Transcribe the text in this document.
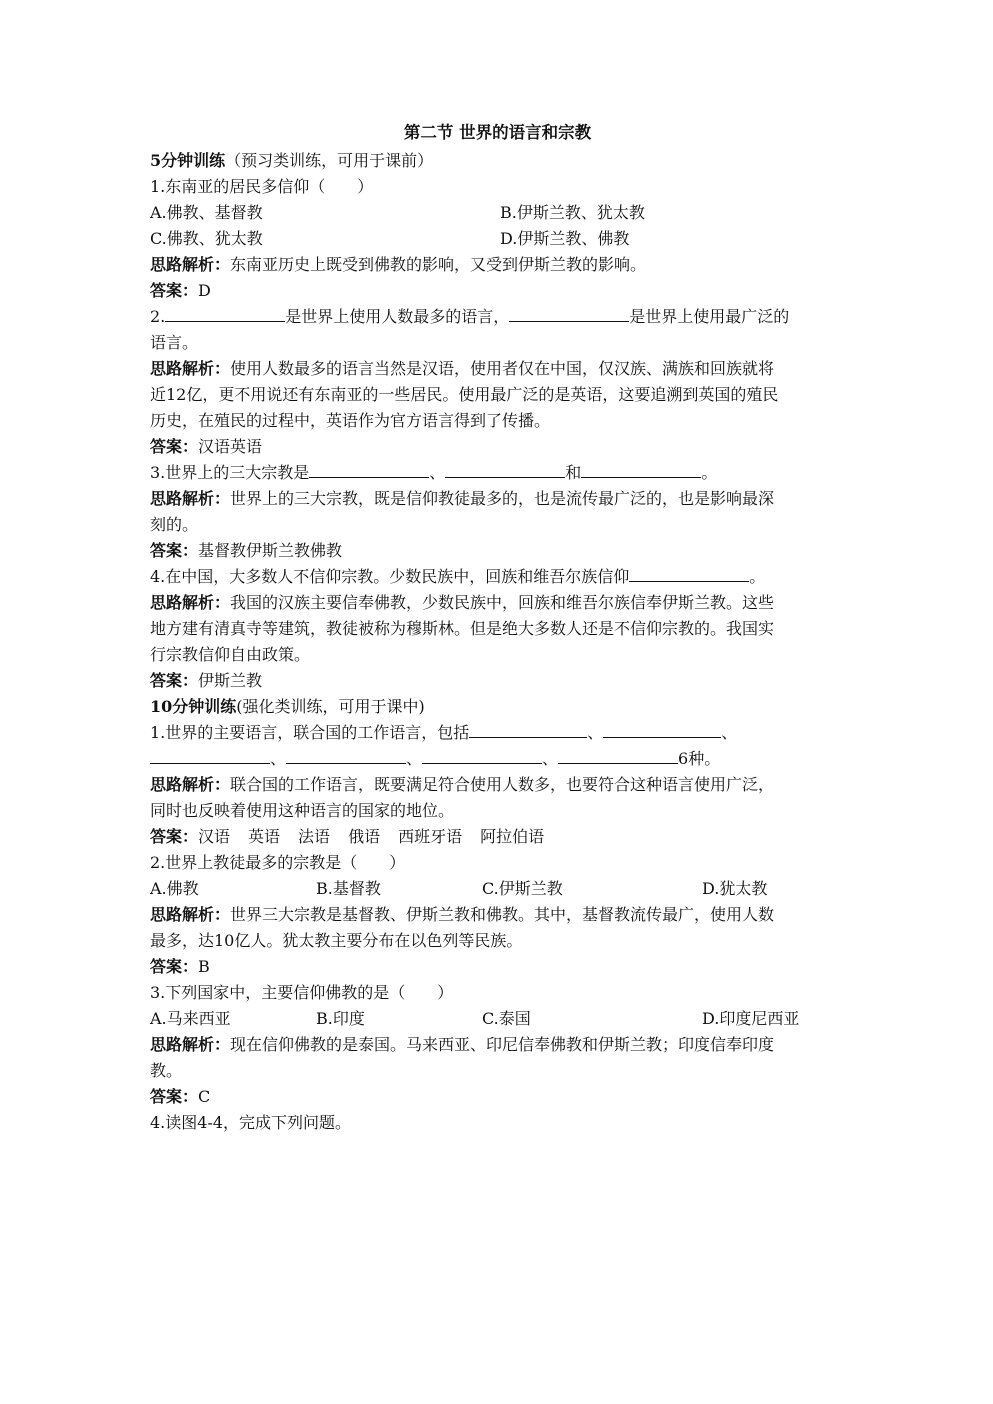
第二节 世界的语言和宗教
5分钟训练（预习类训练，可用于课前）
1.东南亚的居民多信仰（　　）
A.佛教、基督教	B.伊斯兰教、犹太教
C.佛教、犹太教	D.伊斯兰教、佛教
思路解析：东南亚历史上既受到佛教的影响，又受到伊斯兰教的影响。
答案：D
2.	是世界上使用人数最多的语言，	是世界上使用最广泛的
语言。
思路解析：使用人数最多的语言当然是汉语，使用者仅在中国，仅汉族、满族和回族就将
近12亿，更不用说还有东南亚的一些居民。使用最广泛的是英语，这要追溯到英国的殖民
历史，在殖民的过程中，英语作为官方语言得到了传播。
答案：汉语英语
3.世界上的三大宗教是	、	和	。
思路解析：世界上的三大宗教，既是信仰教徒最多的，也是流传最广泛的，也是影响最深
刻的。
答案：基督教伊斯兰教佛教
4.在中国，大多数人不信仰宗教。少数民族中，回族和维吾尔族信仰	。
思路解析：我国的汉族主要信奉佛教，少数民族中，回族和维吾尔族信奉伊斯兰教。这些
地方建有清真寺等建筑，教徒被称为穆斯林。但是绝大多数人还是不信仰宗教的。我国实
行宗教信仰自由政策。
答案：伊斯兰教
10分钟训练(强化类训练，可用于课中)
1.世界的主要语言，联合国的工作语言，包括	、	、
、	、	、	6种。
思路解析：联合国的工作语言，既要满足符合使用人数多，也要符合这种语言使用广泛，
同时也反映着使用这种语言的国家的地位。
答案：汉语 英语 法语 俄语 西班牙语 阿拉伯语
2.世界上教徒最多的宗教是（　　）
A.佛教	B.基督教	C.伊斯兰教	D.犹太教
思路解析：世界三大宗教是基督教、伊斯兰教和佛教。其中，基督教流传最广，使用人数
最多，达10亿人。犹太教主要分布在以色列等民族。
答案：B
3.下列国家中，主要信仰佛教的是（　　）
A.马来西亚	B.印度	C.泰国	D.印度尼西亚
思路解析：现在信仰佛教的是泰国。马来西亚、印尼信奉佛教和伊斯兰教；印度信奉印度
教。
答案：C
4.读图4-4，完成下列问题。
